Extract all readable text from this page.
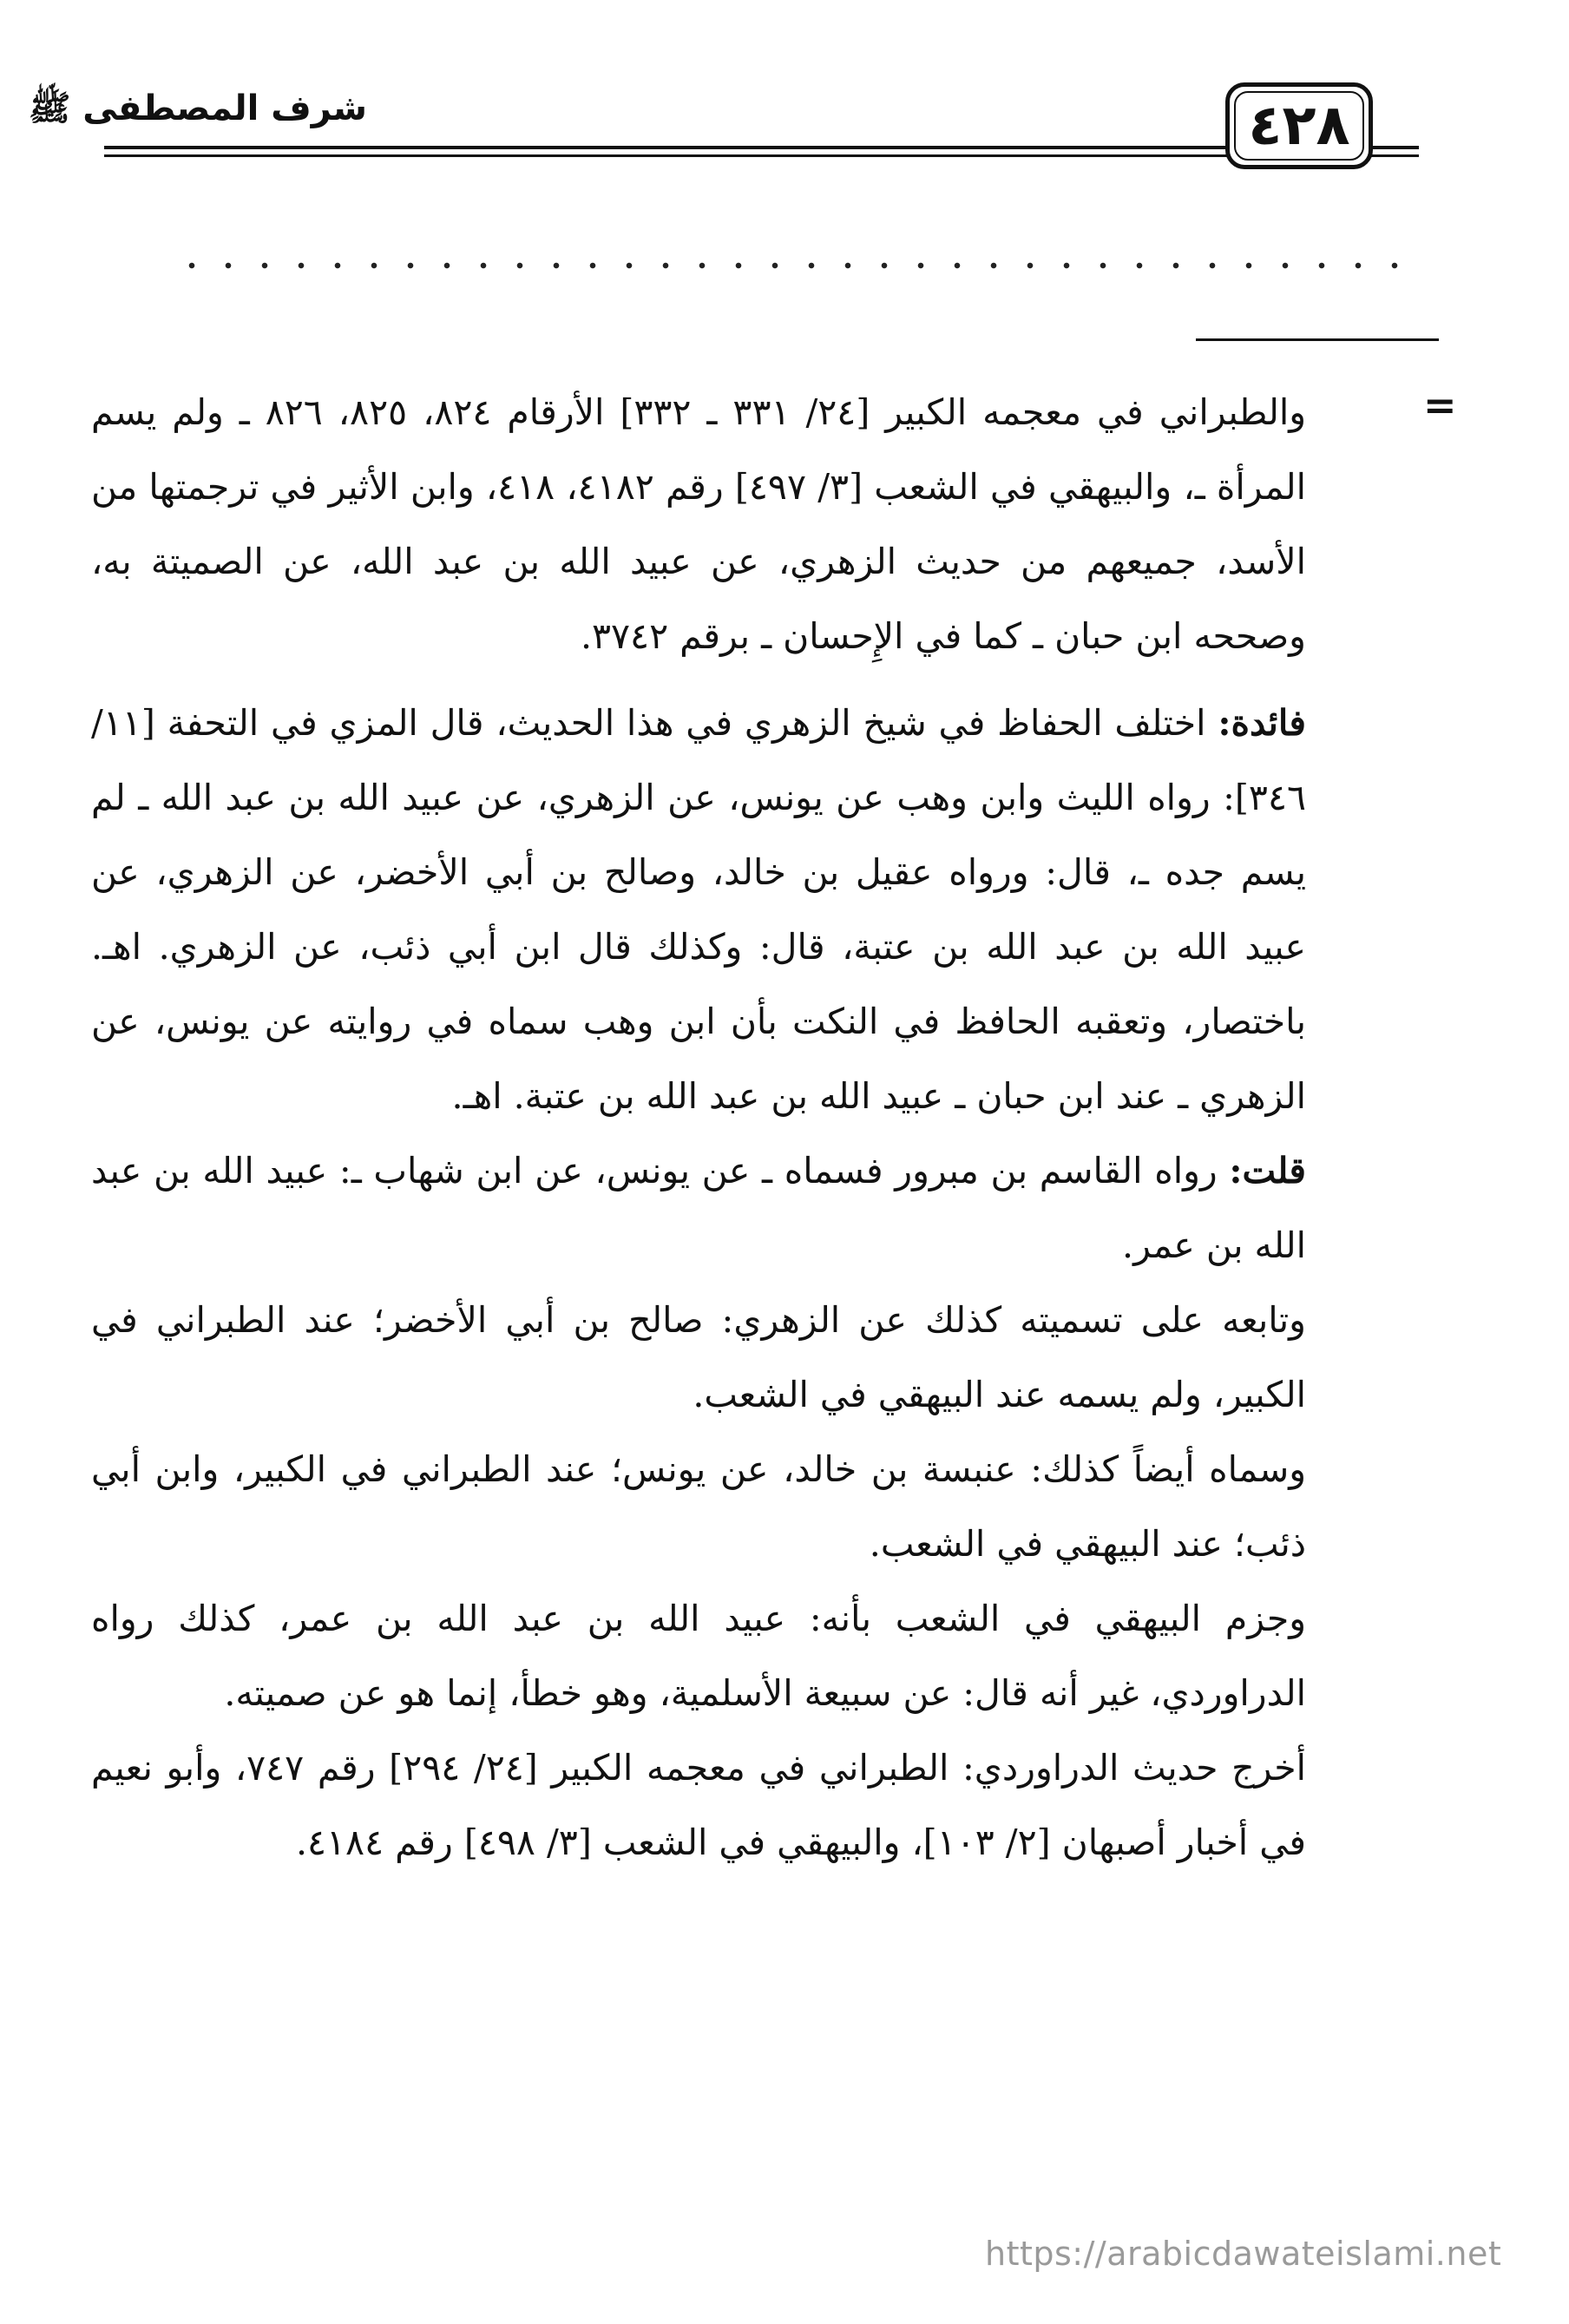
٤٢٨
شرف المصطفى ﷺ
=

والطبراني في معجمه الكبير [٢٤/ ٣٣١ ـ ٣٣٢] الأرقام ٨٢٤، ٨٢٥، ٨٢٦ ـ ولم يسم المرأة ـ، والبيهقي في الشعب [٣/ ٤٩٧] رقم ٤١٨٢، ٤١٨، وابن الأثير في ترجمتها من الأسد، جميعهم من حديث الزهري، عن عبيد الله بن عبد الله، عن الصميتة به، وصححه ابن حبان ـ كما في الإِحسان ـ برقم ٣٧٤٢.

فائدة: اختلف الحفاظ في شيخ الزهري في هذا الحديث، قال المزي في التحفة [١١/ ٣٤٦]: رواه الليث وابن وهب عن يونس، عن الزهري، عن عبيد الله بن عبد الله ـ لم يسم جده ـ، قال: ورواه عقيل بن خالد، وصالح بن أبي الأخضر، عن الزهري، عن عبيد الله بن عبد الله بن عتبة، قال: وكذلك قال ابن أبي ذئب، عن الزهري. اهـ. باختصار، وتعقبه الحافظ في النكت بأن ابن وهب سماه في روايته عن يونس، عن الزهري ـ عند ابن حبان ـ عبيد الله بن عبد الله بن عتبة. اهـ.

قلت: رواه القاسم بن مبرور فسماه ـ عن يونس، عن ابن شهاب ـ: عبيد الله بن عبد الله بن عمر.

وتابعه على تسميته كذلك عن الزهري: صالح بن أبي الأخضر؛ عند الطبراني في الكبير، ولم يسمه عند البيهقي في الشعب.

وسماه أيضاً كذلك: عنبسة بن خالد، عن يونس؛ عند الطبراني في الكبير، وابن أبي ذئب؛ عند البيهقي في الشعب.

وجزم البيهقي في الشعب بأنه: عبيد الله بن عبد الله بن عمر، كذلك رواه الدراوردي، غير أنه قال: عن سبيعة الأسلمية، وهو خطأ، إنما هو عن صميته.

أخرج حديث الدراوردي: الطبراني في معجمه الكبير [٢٤/ ٢٩٤] رقم ٧٤٧، وأبو نعيم في أخبار أصبهان [٢/ ١٠٣]، والبيهقي في الشعب [٣/ ٤٩٨] رقم ٤١٨٤.

https://arabicdawateislami.net
